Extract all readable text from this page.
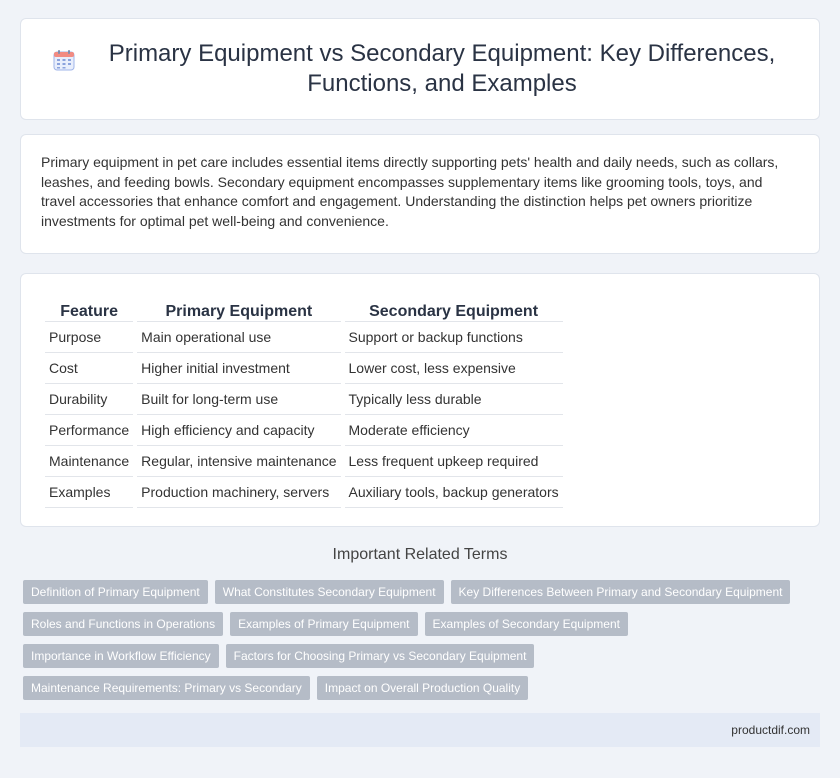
Primary Equipment vs Secondary Equipment: Key Differences, Functions, and Examples

Primary equipment in pet care includes essential items directly supporting pets' health and daily needs, such as collars, leashes, and feeding bowls. Secondary equipment encompasses supplementary items like grooming tools, toys, and travel accessories that enhance comfort and engagement. Understanding the distinction helps pet owners prioritize investments for optimal pet well-being and convenience.

Feature	Primary Equipment	Secondary Equipment
Purpose	Main operational use	Support or backup functions
Cost	Higher initial investment	Lower cost, less expensive
Durability	Built for long-term use	Typically less durable
Performance	High efficiency and capacity	Moderate efficiency
Maintenance	Regular, intensive maintenance	Less frequent upkeep required
Examples	Production machinery, servers	Auxiliary tools, backup generators
Important Related Terms
Definition of Primary Equipment	What Constitutes Secondary Equipment	Key Differences Between Primary and Secondary Equipment
Roles and Functions in Operations	Examples of Primary Equipment	Examples of Secondary Equipment
Importance in Workflow Efficiency	Factors for Choosing Primary vs Secondary Equipment
Maintenance Requirements: Primary vs Secondary	Impact on Overall Production Quality
productdif.com
